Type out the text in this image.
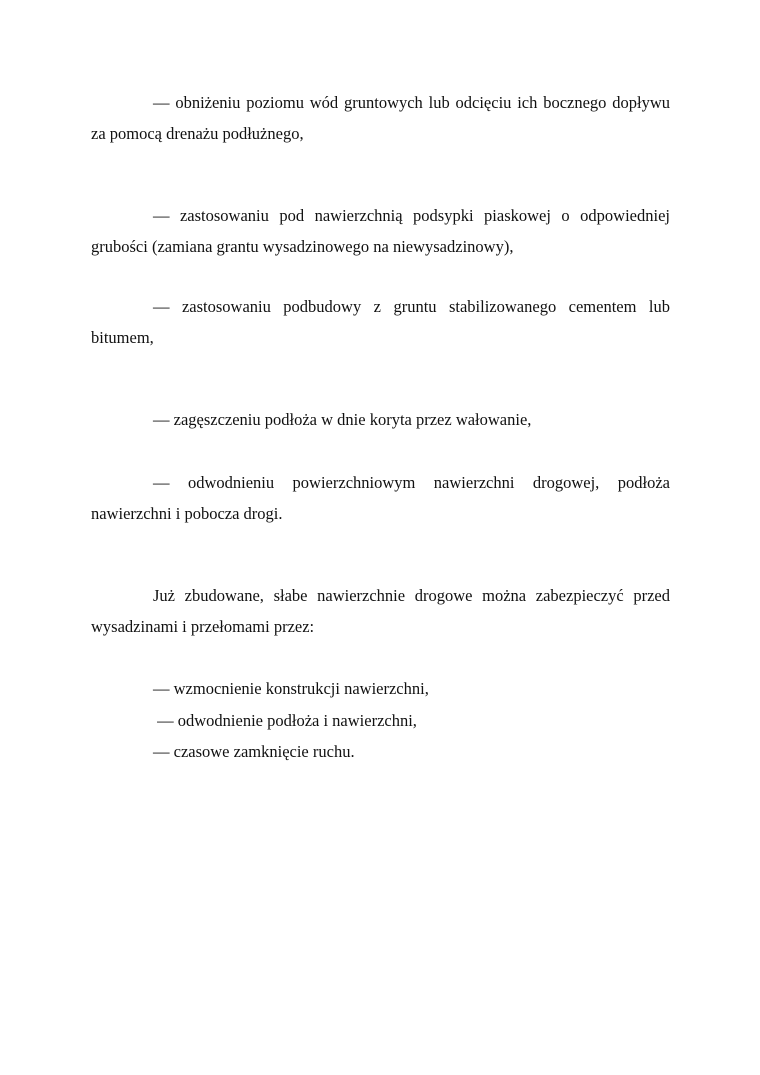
— obniżeniu poziomu wód gruntowych lub odcięciu ich bocznego dopływu za pomocą drenażu podłużnego,

— zastosowaniu pod nawierzchnią podsypki piaskowej o odpowiedniej grubości (zamiana grantu wysadzinowego na niewysadzinowy),

— zastosowaniu podbudowy z gruntu stabilizowanego cementem lub bitumem,

— zagęszczeniu podłoża w dnie koryta przez wałowanie,

— odwodnieniu powierzchniowym nawierzchni drogowej, podłoża nawierzchni i pobocza drogi.

Już zbudowane, słabe nawierzchnie drogowe można zabezpieczyć przed wysadzinami i przełomami przez:

— wzmocnienie konstrukcji nawierzchni,
— odwodnienie podłoża i nawierzchni,
— czasowe zamknięcie ruchu.
